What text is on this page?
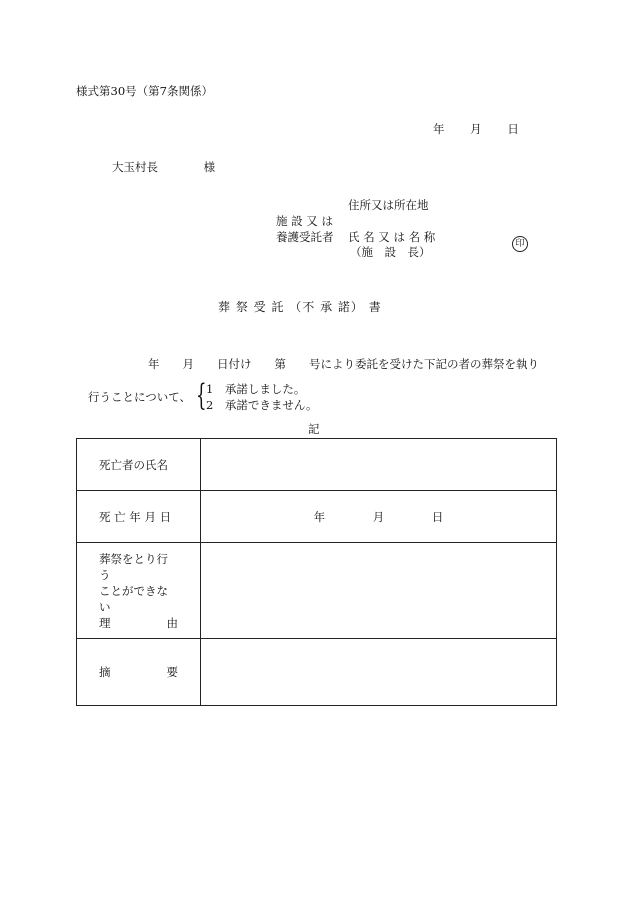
様式第30号（第7条関係）
年 月 日
大玉村長	様
住所又は所在地
施 設 又 は
養護受託者 氏 名 又 は 名 称
（施　設　長）
印
葬 祭 受 託 （不 承 諾） 書
年　　月　　日付け　　第　　号により委託を受けた下記の者の葬祭を執り
行うことについて、 { 1　承諾しました。
2　承諾できません。
記
死亡者の氏名	
死 亡 年 月 日	年 月 日

葬祭をとり行う
ことができない
理 由	

摘 要	
